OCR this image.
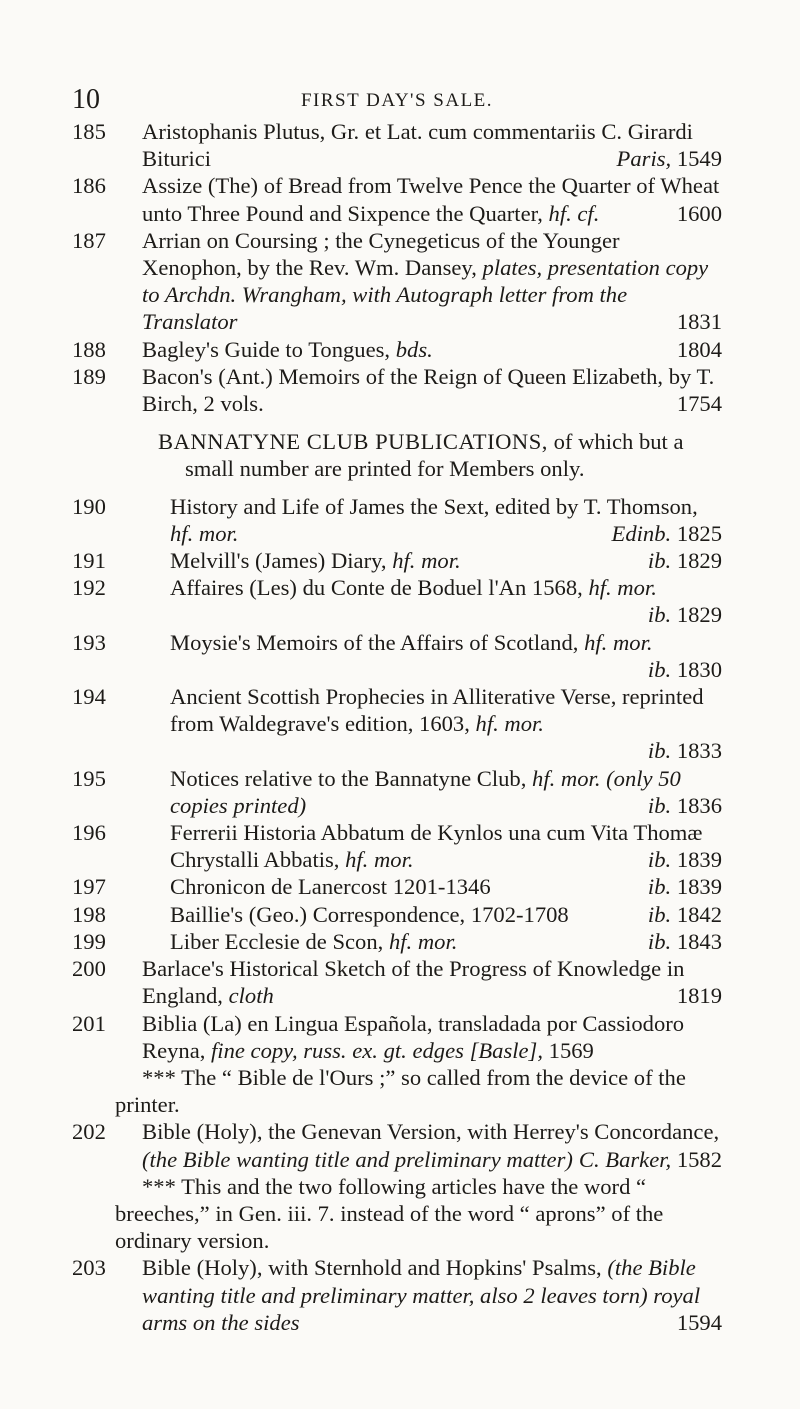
10	FIRST DAY'S SALE.
185	Aristophanis Plutus, Gr. et Lat. cum commentariis C. Girardi Biturici	Paris, 1549
186	Assize (The) of Bread from Twelve Pence the Quarter of Wheat unto Three Pound and Sixpence the Quarter, hf. cf.	1600
187	Arrian on Coursing ; the Cynegeticus of the Younger Xenophon, by the Rev. Wm. Dansey, plates, presentation copy to Archdn. Wrangham, with Autograph letter from the Translator	1831
188	Bagley's Guide to Tongues, bds.	1804
189	Bacon's (Ant.) Memoirs of the Reign of Queen Elizabeth, by T. Birch, 2 vols.	1754
BANNATYNE CLUB PUBLICATIONS, of which but a small number are printed for Members only.
190	History and Life of James the Sext, edited by T. Thomson, hf. mor.	Edinb. 1825
191	Melvill's (James) Diary, hf. mor.	ib. 1829
192	Affaires (Les) du Conte de Boduel l'An 1568, hf. mor.
ib. 1829
193	Moysie's Memoirs of the Affairs of Scotland, hf. mor.
ib. 1830
194	Ancient Scottish Prophecies in Alliterative Verse, reprinted from Waldegrave's edition, 1603, hf. mor.
ib. 1833
195	Notices relative to the Bannatyne Club, hf. mor. (only 50 copies printed)	ib. 1836
196	Ferrerii Historia Abbatum de Kynlos una cum Vita Thomæ Chrystalli Abbatis, hf. mor.	ib. 1839
197	Chronicon de Lanercost 1201-1346	ib. 1839
198	Baillie's (Geo.) Correspondence, 1702-1708	ib. 1842
199	Liber Ecclesie de Scon, hf. mor.	ib. 1843
200	Barlace's Historical Sketch of the Progress of Knowledge in England, cloth	1819
201	Biblia (La) en Lingua Española, transladada por Cassiodoro Reyna, fine copy, russ. ex. gt. edges [Basle], 1569
*** The “ Bible de l'Ours ;” so called from the device of the printer.
202	Bible (Holy), the Genevan Version, with Herrey's Concordance, (the Bible wanting title and preliminary matter) C. Barker, 1582
*** This and the two following articles have the word “ breeches,” in Gen. iii. 7. instead of the word “ aprons” of the ordinary version.
203	Bible (Holy), with Sternhold and Hopkins' Psalms, (the Bible wanting title and preliminary matter, also 2 leaves torn) royal arms on the sides	1594
